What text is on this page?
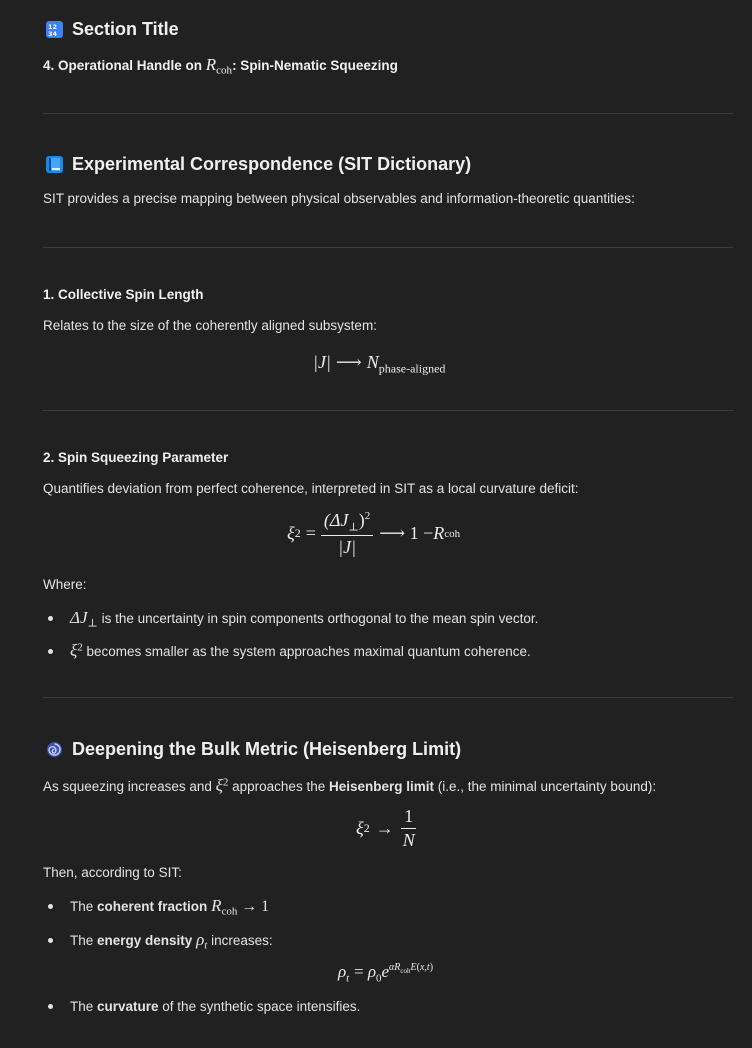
12
34 Section Title
4. Operational Handle on $R_{coh}$: Spin-Nematic Squeezing
Experimental Correspondence (SIT Dictionary)
SIT provides a precise mapping between physical observables and information-theoretic quantities:
1. Collective Spin Length
Relates to the size of the coherently aligned subsystem:
|J| ⟶ $N_{phase-aligned}$
2. Spin Squeezing Parameter
Quantifies deviation from perfect coherence, interpreted in SIT as a local curvature deficit:
ξ $2 = \frac{(\Delta J_\perp)^2}{|J|}$ ⟶ 1 − R coh
Where:
$\Delta J_\perp$ is the uncertainty in spin components orthogonal to the mean spin vector.
$\xi^2$ becomes smaller as the system approaches maximal quantum coherence.
Deepening the Bulk Metric (Heisenberg Limit)
As squeezing increases and $\xi^2$ approaches the Heisenberg limit (i.e., the minimal uncertainty bound):
ξ $2 \to \frac{1}{N}$
Then, according to SIT:
The coherent fraction $R_{coh} \to 1$
The energy density $\rho_t$ increases:
$\rho_t = \rho_0e^{\alpha R_{coh}E(x,t)}$
The curvature of the synthetic space intensifies.
